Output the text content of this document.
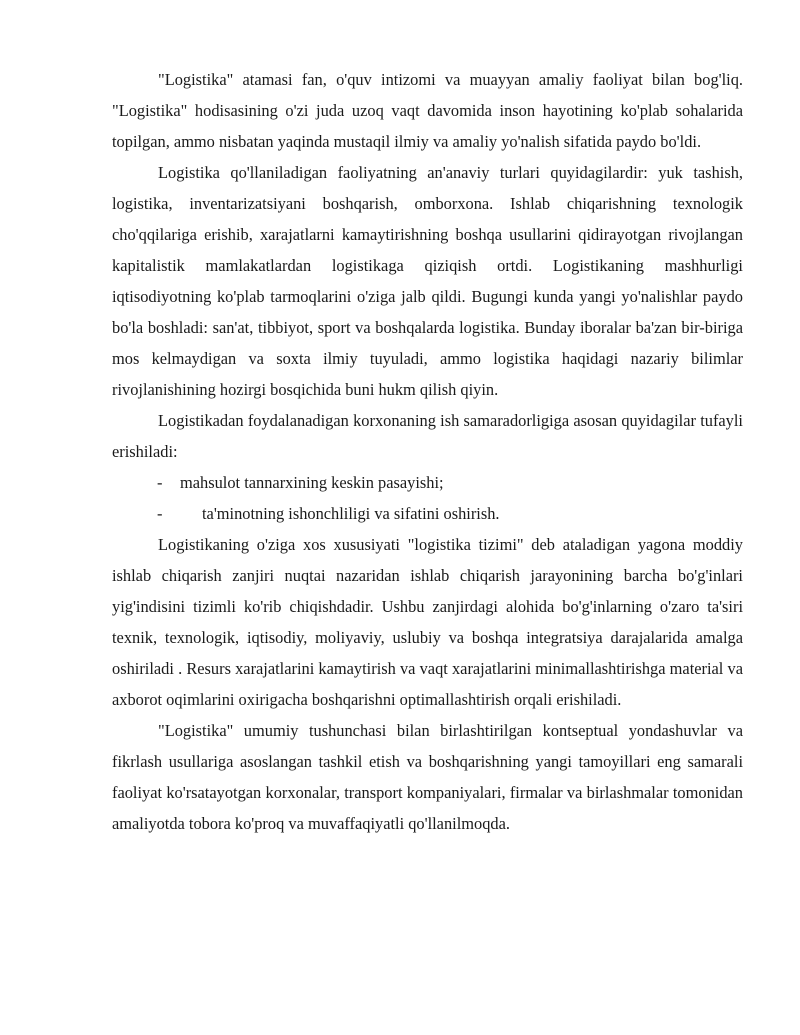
"Logistika" atamasi fan, o'quv intizomi va muayyan amaliy faoliyat bilan bog'liq. "Logistika" hodisasining o'zi juda uzoq vaqt davomida inson hayotining ko'plab sohalarida topilgan, ammo nisbatan yaqinda mustaqil ilmiy va amaliy yo'nalish sifatida paydo bo'ldi.

Logistika qo'llaniladigan faoliyatning an'anaviy turlari quyidagilardir: yuk tashish, logistika, inventarizatsiyani boshqarish, omborxona. Ishlab chiqarishning texnologik cho'qqilariga erishib, xarajatlarni kamaytirishning boshqa usullarini qidirayotgan rivojlangan kapitalistik mamlakatlardan logistikaga qiziqish ortdi. Logistikaning mashhurligi iqtisodiyotning ko'plab tarmoqlarini o'ziga jalb qildi. Bugungi kunda yangi yo'nalishlar paydo bo'la boshladi: san'at, tibbiyot, sport va boshqalarda logistika. Bunday iboralar ba'zan bir-biriga mos kelmaydigan va soxta ilmiy tuyuladi, ammo logistika haqidagi nazariy bilimlar rivojlanishining hozirgi bosqichida buni hukm qilish qiyin.

Logistikadan foydalanadigan korxonaning ish samaradorligiga asosan quyidagilar tufayli erishiladi:

- mahsulot tannarxining keskin pasayishi;
- ta'minotning ishonchliligi va sifatini oshirish.

Logistikaning o'ziga xos xususiyati "logistika tizimi" deb ataladigan yagona moddiy ishlab chiqarish zanjiri nuqtai nazaridan ishlab chiqarish jarayonining barcha bo'g'inlari yig'indisini tizimli ko'rib chiqishdadir. Ushbu zanjirdagi alohida bo'g'inlarning o'zaro ta'siri texnik, texnologik, iqtisodiy, moliyaviy, uslubiy va boshqa integratsiya darajalarida amalga oshiriladi . Resurs xarajatlarini kamaytirish va vaqt xarajatlarini minimallashtirishga material va axborot oqimlarini oxirigacha boshqarishni optimallashtirish orqali erishiladi.

"Logistika" umumiy tushunchasi bilan birlashtirilgan kontseptual yondashuvlar va fikrlash usullariga asoslangan tashkil etish va boshqarishning yangi tamoyillari eng samarali faoliyat ko'rsatayotgan korxonalar, transport kompaniyalari, firmalar va birlashmalar tomonidan amaliyotda tobora ko'proq va muvaffaqiyatli qo'llanilmoqda.
